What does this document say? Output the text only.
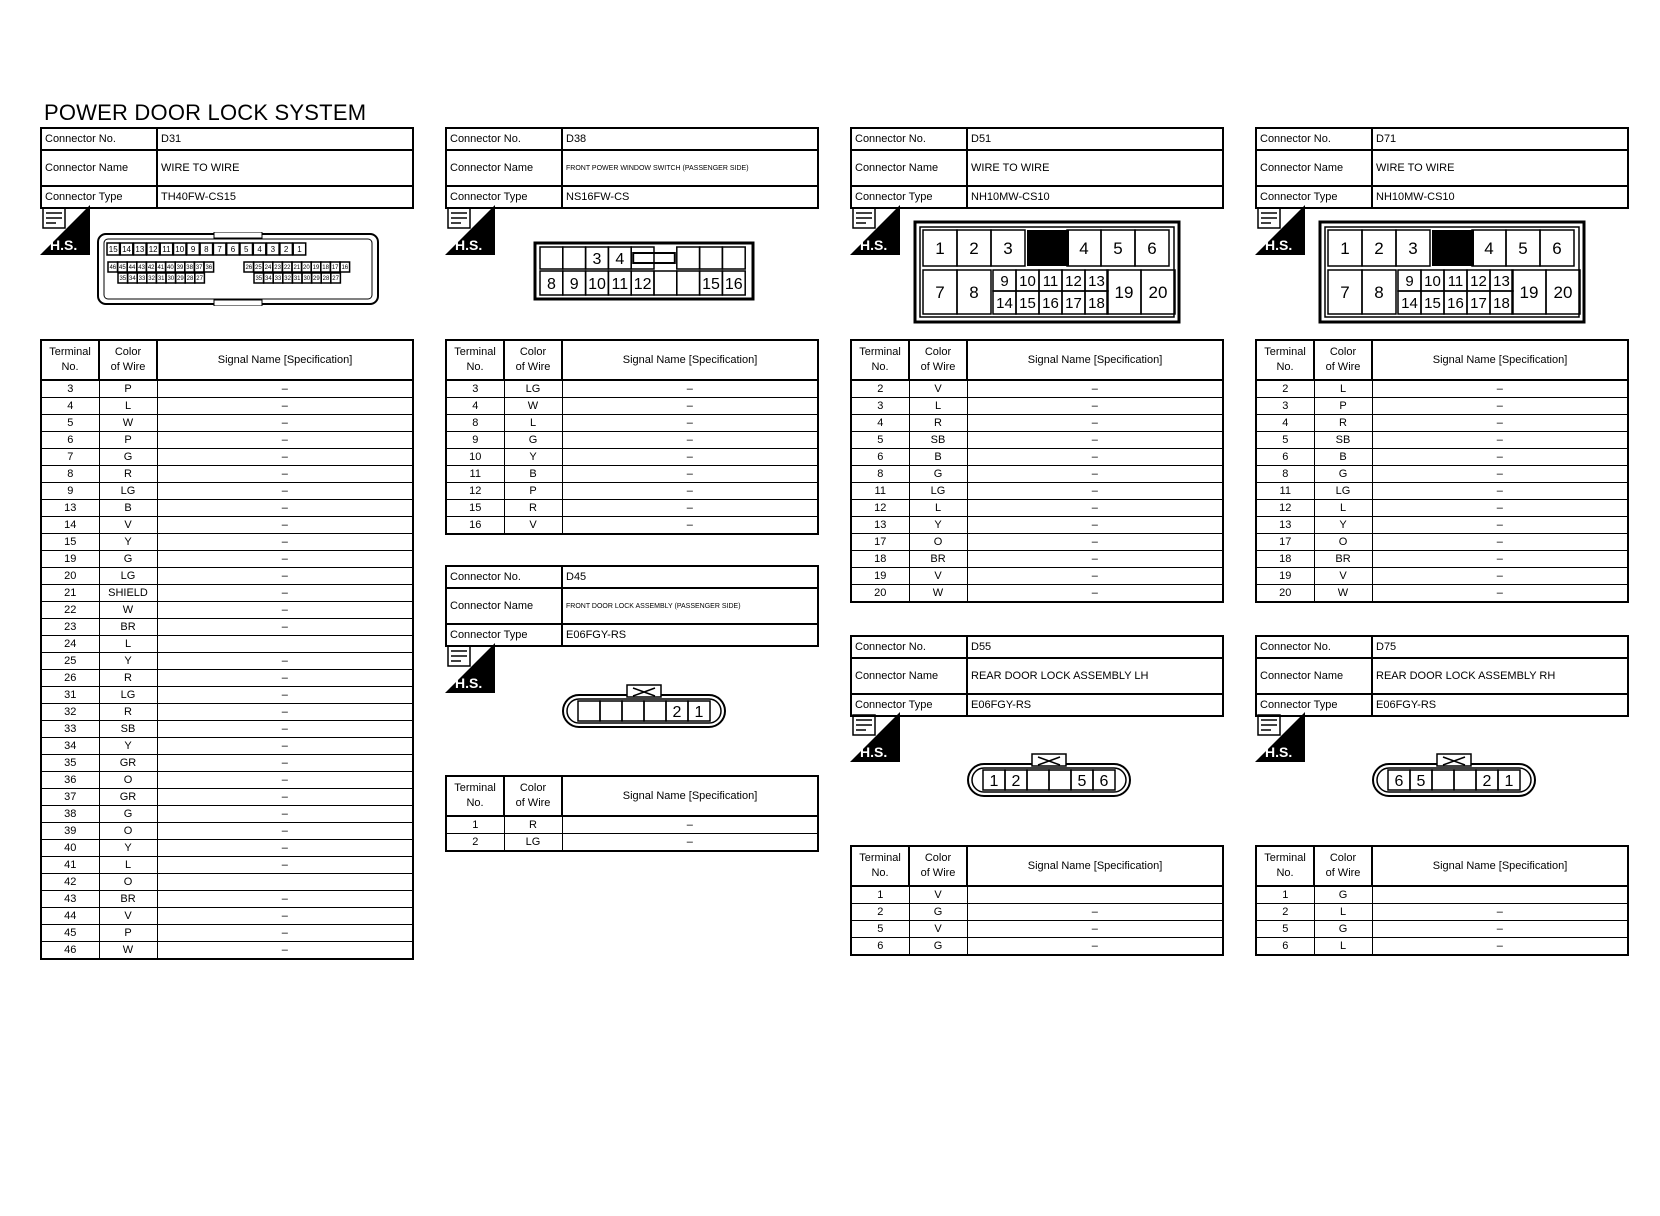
POWER DOOR LOCK SYSTEM
Connector No.	D31
Connector Name	WIRE TO WIRE
Connector Type	TH40FW-CS15
H.S.	15 14 13 12 11 10 9 8 7 6 5 4 3 2 1
46 45 44 43 42 41 40 39 38 37 36
35 34 33 32 31 30 29 28 27
26 25 24 23 22 21 20 19 18 17 16
35 34 33 32 31 30 29 28 27
Terminal
No.	Color
of Wire	Signal Name [Specification]
3	P	–
4	L	–
5	W	–
6	P	–
7	G	–
8	R	–
9	LG	–
13	B	–
14	V	–
15	Y	–
19	G	–
20	LG	–
21	SHIELD	–
22	W	–
23	BR	–
24	L	
25	Y	–
26	R	–
31	LG	–
32	R	–
33	SB	–
34	Y	–
35	GR	–
36	O	–
37	GR	–
38	G	–
39	O	–
40	Y	–
41	L	–
42	O	
43	BR	–
44	V	–
45	P	–
46	W	–
Connector No.	D38
Connector Name	FRONT POWER WINDOW SWITCH (PASSENGER SIDE)
Connector Type	NS16FW-CS
H.S.
3 4
8 9 10 11 12	15 16
Terminal
No.	Color
of Wire	Signal Name [Specification]
3	LG	–
4	W	–
8	L	–
9	G	–
10	Y	–
11	B	–
12	P	–
15	R	–
16	V	–
Connector No.	D45
Connector Name	FRONT DOOR LOCK ASSEMBLY (PASSENGER SIDE)
Connector Type	E06FGY-RS
H.S.
2 1
Terminal
No.	Color
of Wire	Signal Name [Specification]
1	R	–
2	LG	–
Connector No.	D51
Connector Name	WIRE TO WIRE
Connector Type	NH10MW-CS10
H.S.	1 2 3	4 5 6
7 8
9 10 11 12 13
14 15 16 17 18
19 20
Terminal
No.	Color
of Wire	Signal Name [Specification]
2	V	–
3	L	–
4	R	–
5	SB	–
6	B	–
8	G	–
11	LG	–
12	L	–
13	Y	–
17	O	–
18	BR	–
19	V	–
20	W	–
Connector No.	D55
Connector Name	REAR DOOR LOCK ASSEMBLY LH
Connector Type	E06FGY-RS
H.S.
1 2	5 6
Terminal
No.	Color
of Wire	Signal Name [Specification]
1	V	
2	G	–
5	V	–
6	G	–
Connector No.	D71
Connector Name	WIRE TO WIRE
Connector Type	NH10MW-CS10
H.S.	1 2 3	4 5 6
7 8
9 10 11 12 13
14 15 16 17 18
19 20
Terminal
No.	Color
of Wire	Signal Name [Specification]
2	L	–
3	P	–
4	R	–
5	SB	–
6	B	–
8	G	–
11	LG	–
12	L	–
13	Y	–
17	O	–
18	BR	–
19	V	–
20	W	–
Connector No.	D75
Connector Name	REAR DOOR LOCK ASSEMBLY RH
Connector Type	E06FGY-RS
H.S.
6 5	2 1
Terminal
No.	Color
of Wire	Signal Name [Specification]
1	G	
2	L	–
5	G	–
6	L	–
